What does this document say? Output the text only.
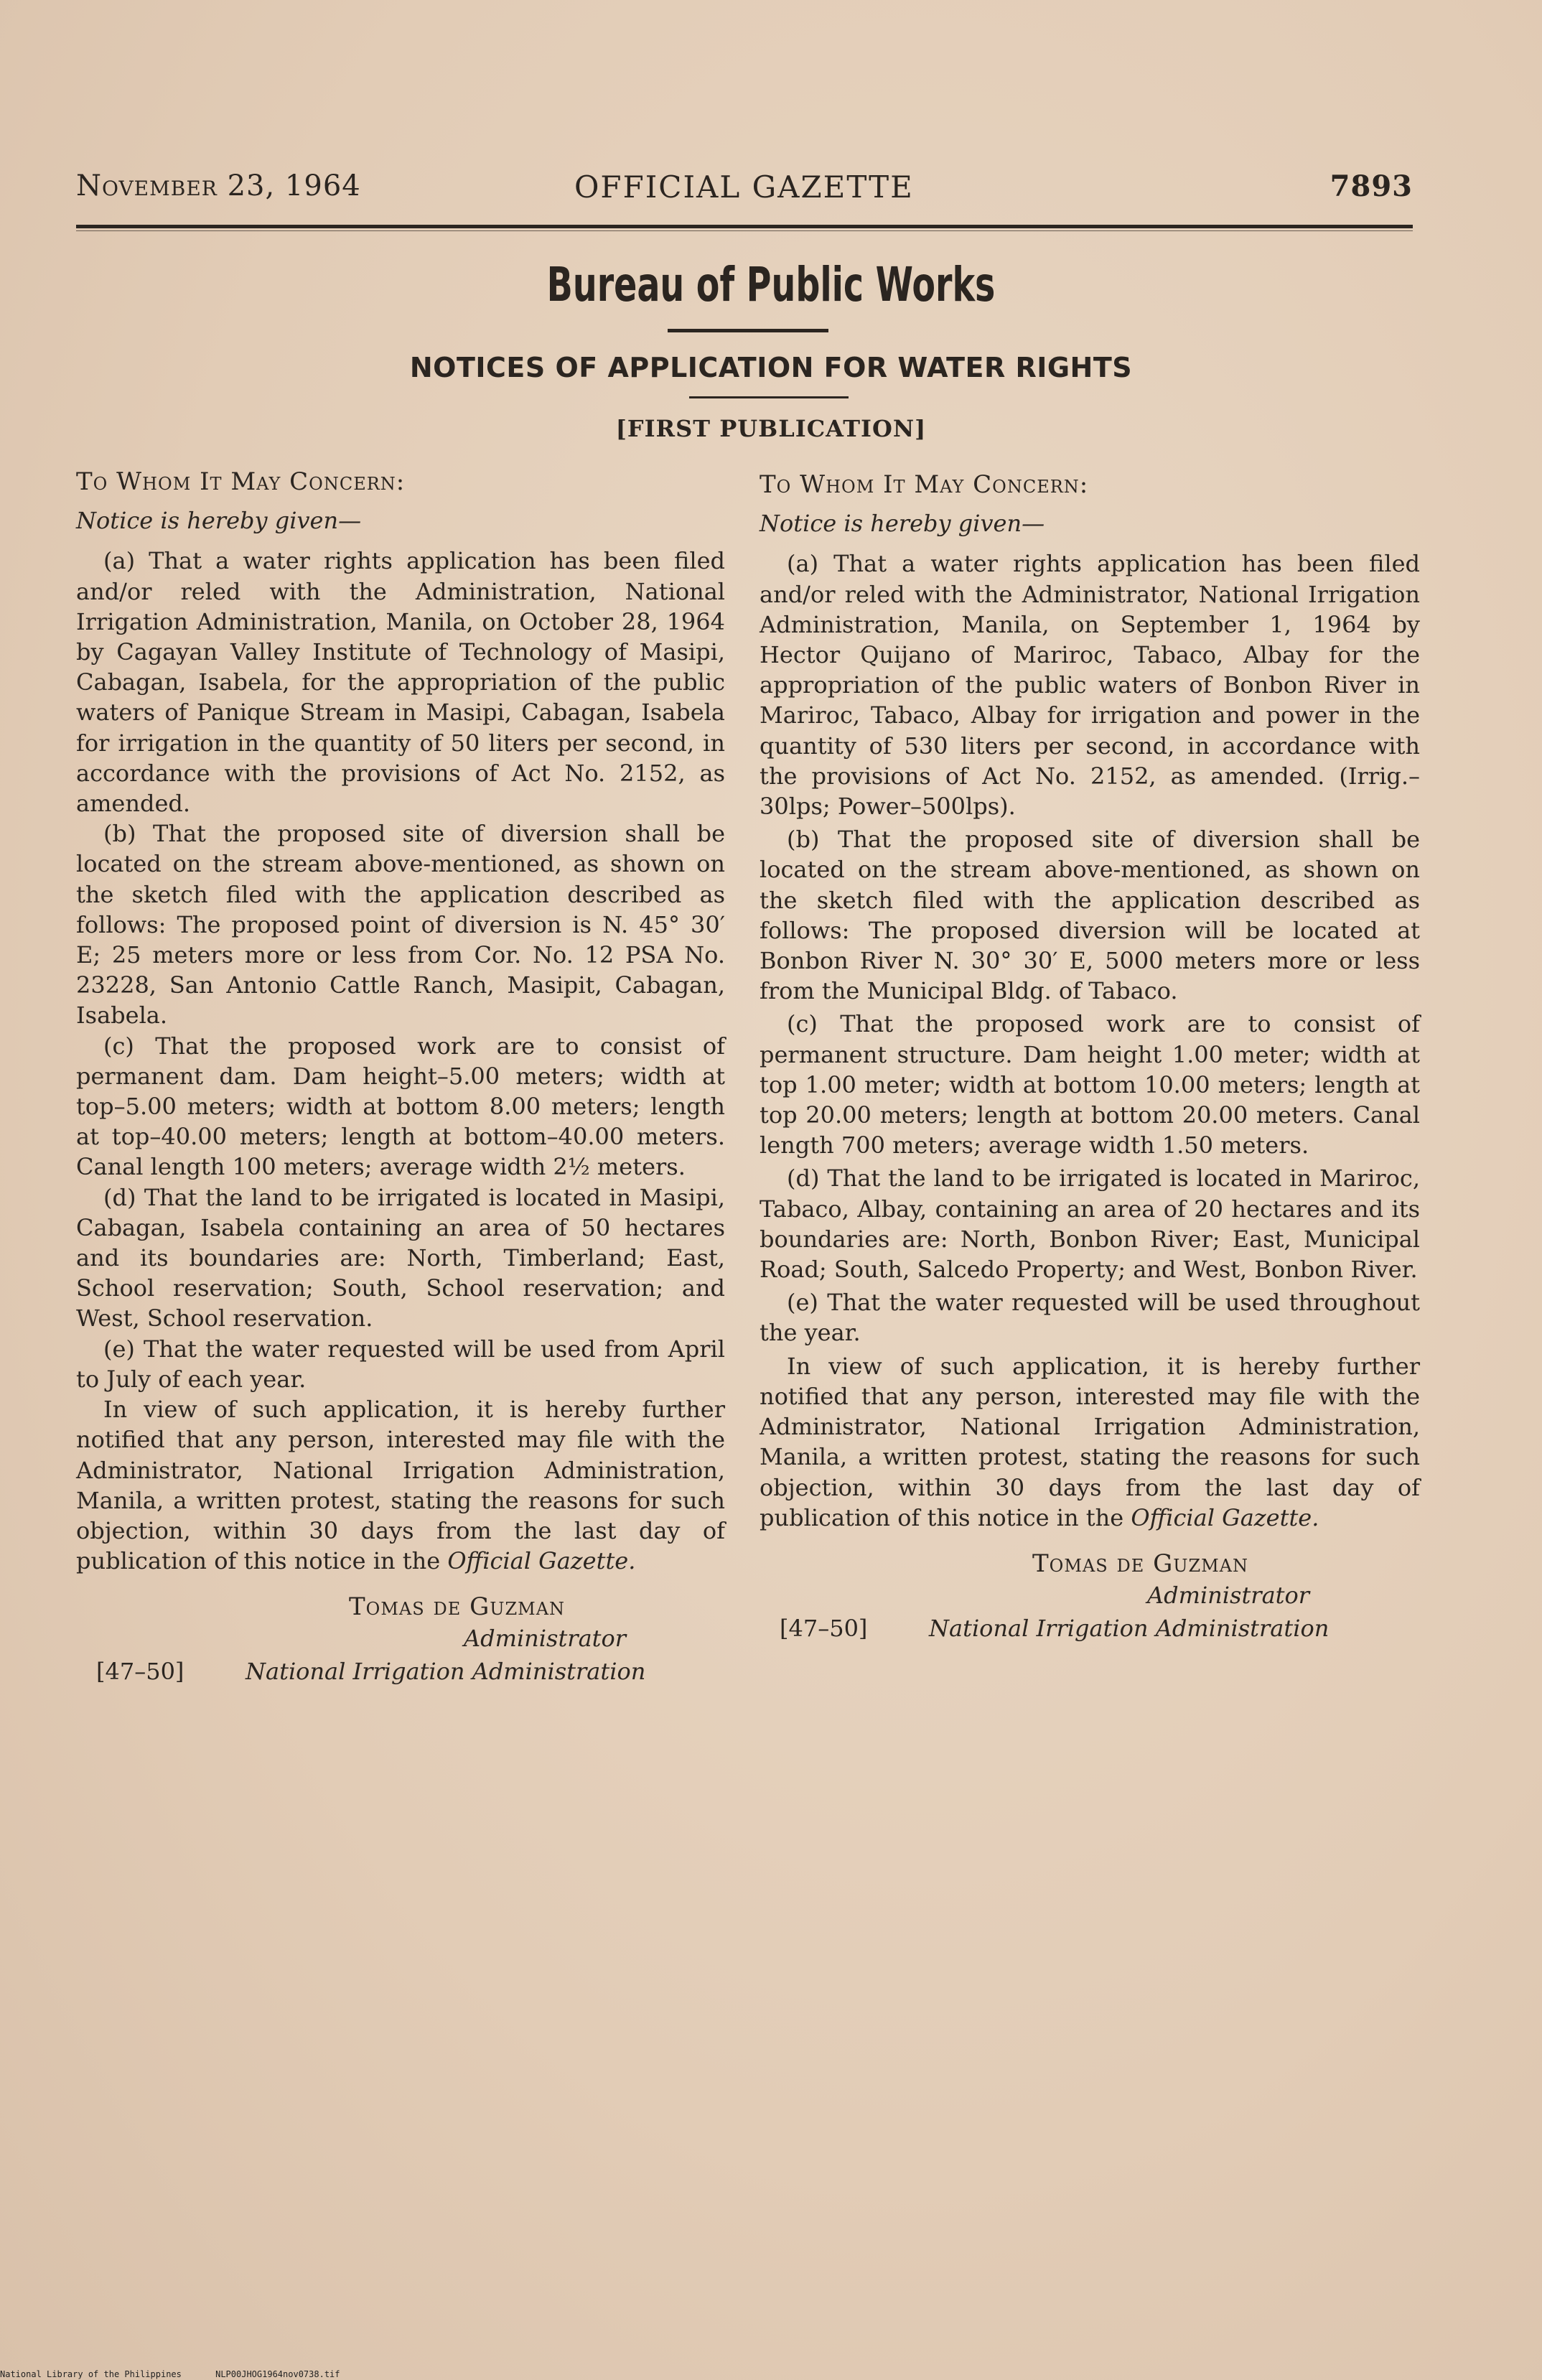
November 23, 1964	OFFICIAL GAZETTE	7893
Bureau of Public Works
NOTICES OF APPLICATION FOR WATER RIGHTS
[FIRST PUBLICATION]
To Whom It May Concern:
Notice is hereby given—

(a) That a water rights application has been filed and/or reled with the Administration, National Irrigation Administration, Manila, on October 28, 1964 by Cagayan Valley Institute of Technology of Masipi, Cabagan, Isabela, for the appropriation of the public waters of Panique Stream in Masipi, Cabagan, Isabela for irrigation in the quantity of 50 liters per second, in accordance with the provisions of Act No. 2152, as amended.

(b) That the proposed site of diversion shall be located on the stream above-mentioned, as shown on the sketch filed with the application described as follows: The proposed point of diversion is N. 45° 30′ E; 25 meters more or less from Cor. No. 12 PSA No. 23228, San Antonio Cattle Ranch, Masipit, Cabagan, Isabela.

(c) That the proposed work are to consist of permanent dam. Dam height–5.00 meters; width at top–5.00 meters; width at bottom 8.00 meters; length at top–40.00 meters; length at bottom–40.00 meters. Canal length 100 meters; average width 2½ meters.

(d) That the land to be irrigated is located in Masipi, Cabagan, Isabela containing an area of 50 hectares and its boundaries are: North, Timberland; East, School reservation; South, School reservation; and West, School reservation.

(e) That the water requested will be used from April to July of each year.

In view of such application, it is hereby further notified that any person, interested may file with the Administrator, National Irrigation Administration, Manila, a written protest, stating the reasons for such objection, within 30 days from the last day of publication of this notice in the Official Gazette.

Tomas de Guzman
Administrator
[47–50]	National Irrigation Administration
To Whom It May Concern:
Notice is hereby given—

(a) That a water rights application has been filed and/or reled with the Administrator, National Irrigation Administration, Manila, on September 1, 1964 by Hector Quijano of Mariroc, Tabaco, Albay for the appropriation of the public waters of Bonbon River in Mariroc, Tabaco, Albay for irrigation and power in the quantity of 530 liters per second, in accordance with the provisions of Act No. 2152, as amended. (Irrig.–30lps; Power–500lps).

(b) That the proposed site of diversion shall be located on the stream above-mentioned, as shown on the sketch filed with the application described as follows: The proposed diversion will be located at Bonbon River N. 30° 30′ E, 5000 meters more or less from the Municipal Bldg. of Tabaco.

(c) That the proposed work are to consist of permanent structure. Dam height 1.00 meter; width at top 1.00 meter; width at bottom 10.00 meters; length at top 20.00 meters; length at bottom 20.00 meters. Canal length 700 meters; average width 1.50 meters.

(d) That the land to be irrigated is located in Mariroc, Tabaco, Albay, containing an area of 20 hectares and its boundaries are: North, Bonbon River; East, Municipal Road; South, Salcedo Property; and West, Bonbon River.

(e) That the water requested will be used throughout the year.

In view of such application, it is hereby further notified that any person, interested may file with the Administrator, National Irrigation Administration, Manila, a written protest, stating the reasons for such objection, within 30 days from the last day of publication of this notice in the Official Gazette.

Tomas de Guzman
Administrator
[47–50]	National Irrigation Administration
National Library of the Philippines	NLP00JHOG1964nov0738.tif
